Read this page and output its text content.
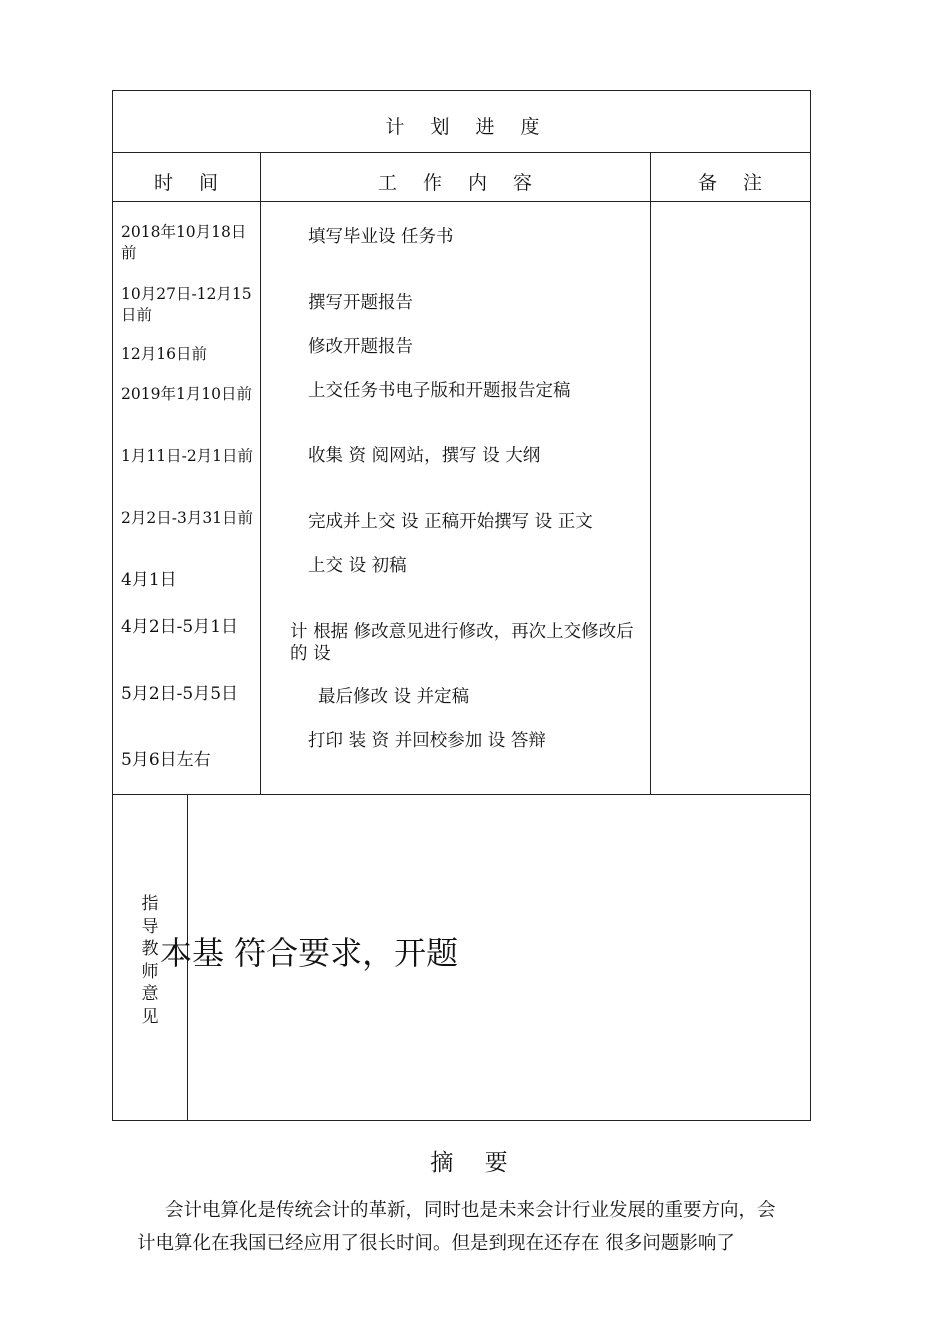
计 划 进 度
时 间	工 作 内 容	备 注
2018年10月18日前
10月27日-12月15日前
12月16日前
2019年1月10日前
1月11日-2月1日前
2月2日-3月31日前
4月1日
4月2日-5月1日
5月2日-5月5日
5月6日左右
填写毕业设 任务书
撰写开题报告
修改开题报告
上交任务书电子版和开题报告定稿
收集 资 阅网站，撰写 设 大纲
完成并上交 设 正稿开始撰写 设 正文
上交 设 初稿
计 根据 修改意见进行修改，再次上交修改后的 设
最后修改 设 并定稿
打印 装 资 并回校参加 设 答辩
指导教师意见
本基 符合要求，开题
摘 要
会计电算化是传统会计的革新，同时也是未来会计行业发展的重要方向，会
计电算化在我国已经应用了很长时间。但是到现在还存在 很多问题影响了
